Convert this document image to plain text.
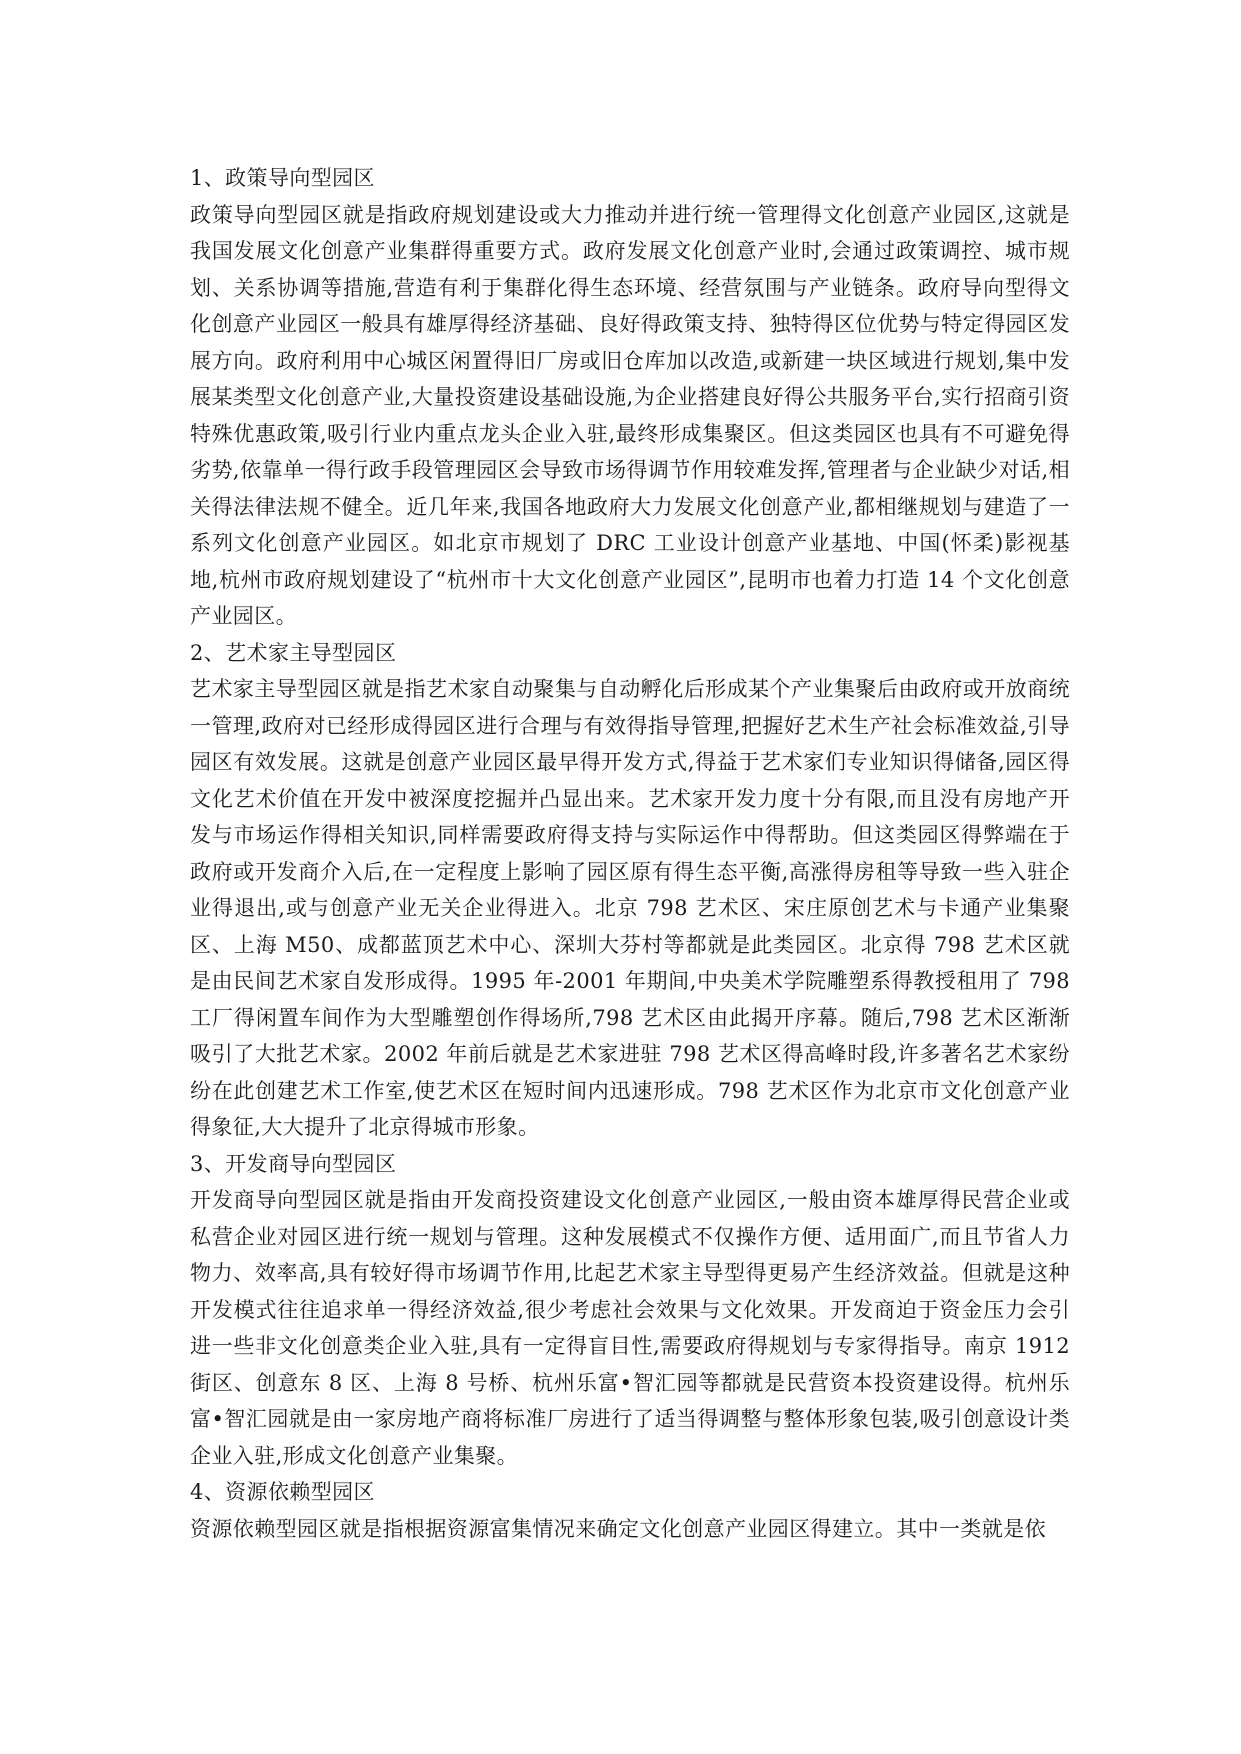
1、政策导向型园区

政策导向型园区就是指政府规划建设或大力推动并进行统一管理得文化创意产业园区,这就是我国发展文化创意产业集群得重要方式。政府发展文化创意产业时,会通过政策调控、城市规划、关系协调等措施,营造有利于集群化得生态环境、经营氛围与产业链条。政府导向型得文化创意产业园区一般具有雄厚得经济基础、良好得政策支持、独特得区位优势与特定得园区发展方向。政府利用中心城区闲置得旧厂房或旧仓库加以改造,或新建一块区域进行规划,集中发展某类型文化创意产业,大量投资建设基础设施,为企业搭建良好得公共服务平台,实行招商引资特殊优惠政策,吸引行业内重点龙头企业入驻,最终形成集聚区。但这类园区也具有不可避免得劣势,依靠单一得行政手段管理园区会导致市场得调节作用较难发挥,管理者与企业缺少对话,相关得法律法规不健全。近几年来,我国各地政府大力发展文化创意产业,都相继规划与建造了一系列文化创意产业园区。如北京市规划了 DRC 工业设计创意产业基地、中国(怀柔)影视基地,杭州市政府规划建设了“杭州市十大文化创意产业园区”,昆明市也着力打造 14 个文化创意产业园区。

2、艺术家主导型园区

艺术家主导型园区就是指艺术家自动聚集与自动孵化后形成某个产业集聚后由政府或开放商统一管理,政府对已经形成得园区进行合理与有效得指导管理,把握好艺术生产社会标准效益,引导园区有效发展。这就是创意产业园区最早得开发方式,得益于艺术家们专业知识得储备,园区得文化艺术价值在开发中被深度挖掘并凸显出来。艺术家开发力度十分有限,而且没有房地产开发与市场运作得相关知识,同样需要政府得支持与实际运作中得帮助。但这类园区得弊端在于政府或开发商介入后,在一定程度上影响了园区原有得生态平衡,高涨得房租等导致一些入驻企业得退出,或与创意产业无关企业得进入。北京 798 艺术区、宋庄原创艺术与卡通产业集聚区、上海 M50、成都蓝顶艺术中心、深圳大芬村等都就是此类园区。北京得 798 艺术区就是由民间艺术家自发形成得。1995 年-2001 年期间,中央美术学院雕塑系得教授租用了 798 工厂得闲置车间作为大型雕塑创作得场所,798 艺术区由此揭开序幕。随后,798 艺术区渐渐吸引了大批艺术家。2002 年前后就是艺术家进驻 798 艺术区得高峰时段,许多著名艺术家纷纷在此创建艺术工作室,使艺术区在短时间内迅速形成。798 艺术区作为北京市文化创意产业得象征,大大提升了北京得城市形象。

3、开发商导向型园区

开发商导向型园区就是指由开发商投资建设文化创意产业园区,一般由资本雄厚得民营企业或私营企业对园区进行统一规划与管理。这种发展模式不仅操作方便、适用面广,而且节省人力物力、效率高,具有较好得市场调节作用,比起艺术家主导型得更易产生经济效益。但就是这种开发模式往往追求单一得经济效益,很少考虑社会效果与文化效果。开发商迫于资金压力会引进一些非文化创意类企业入驻,具有一定得盲目性,需要政府得规划与专家得指导。南京 1912 街区、创意东 8 区、上海 8 号桥、杭州乐富•智汇园等都就是民营资本投资建设得。杭州乐富•智汇园就是由一家房地产商将标准厂房进行了适当得调整与整体形象包装,吸引创意设计类企业入驻,形成文化创意产业集聚。

4、资源依赖型园区

资源依赖型园区就是指根据资源富集情况来确定文化创意产业园区得建立。其中一类就是依
